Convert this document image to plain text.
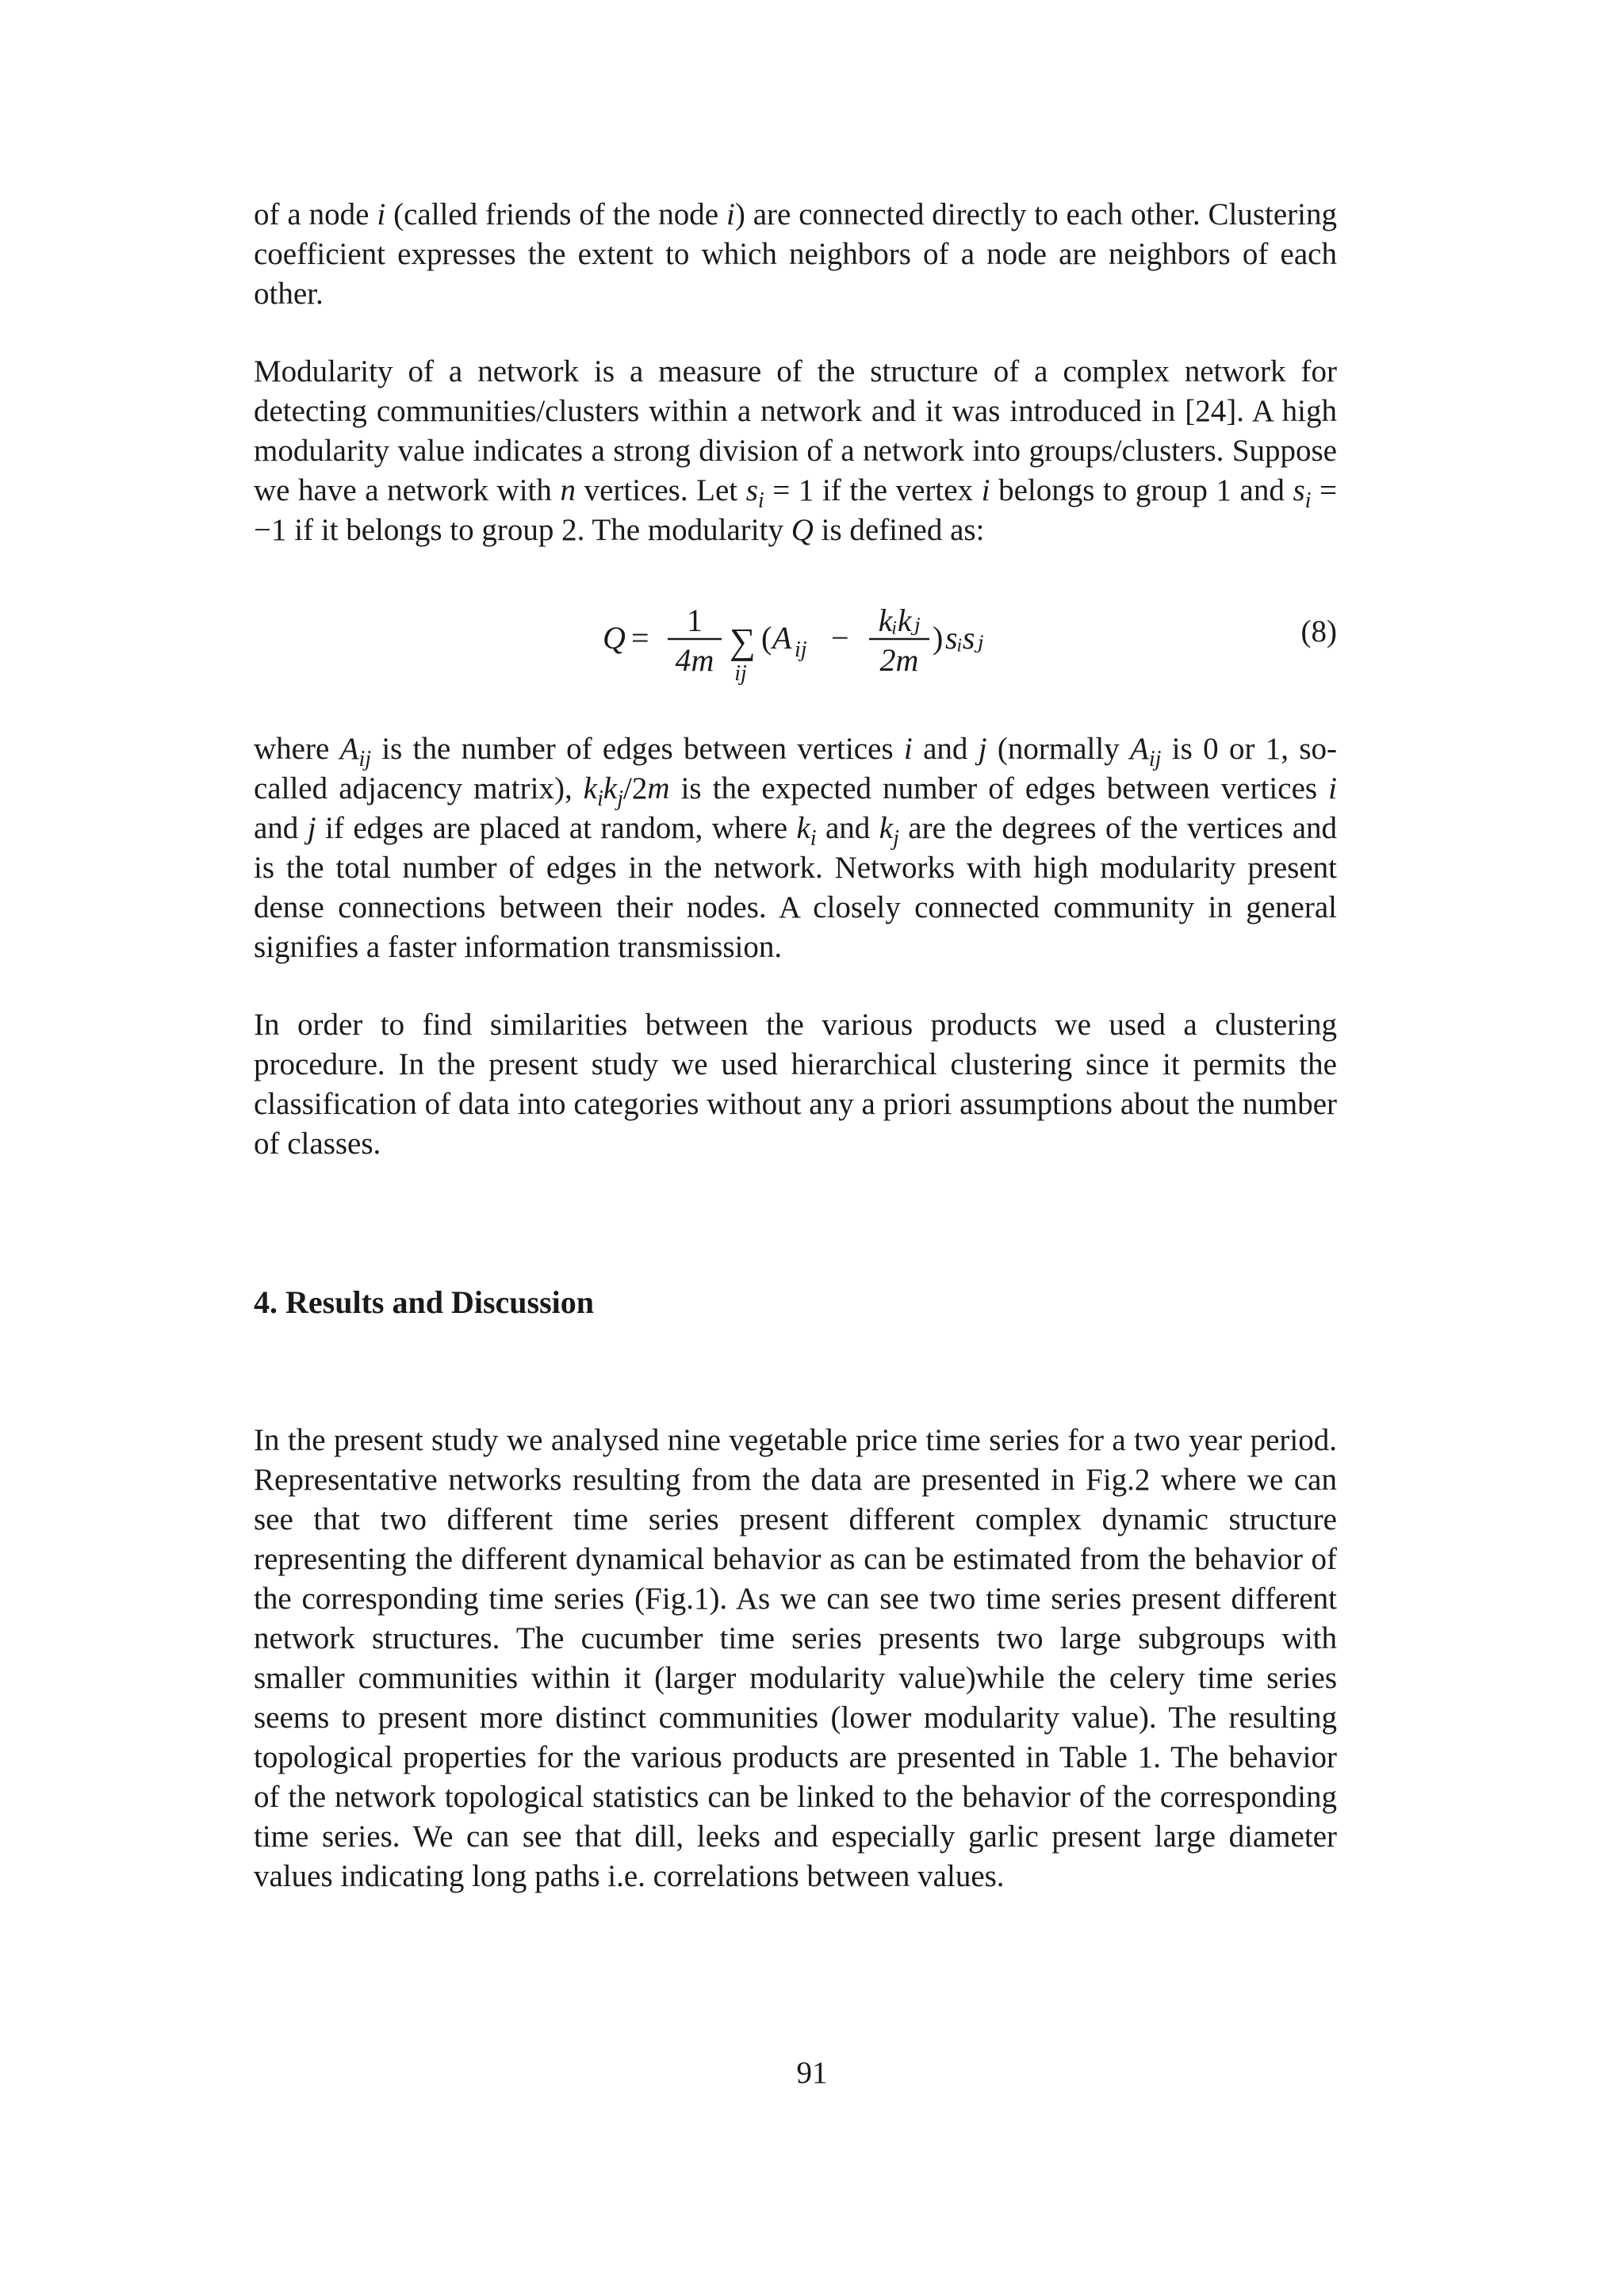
of a node i (called friends of the node i) are connected directly to each other. Clustering coefficient expresses the extent to which neighbors of a node are neighbors of each other.

Modularity of a network is a measure of the structure of a complex network for detecting communities/clusters within a network and it was introduced in [24]. A high modularity value indicates a strong division of a network into groups/clusters. Suppose we have a network with n vertices. Let $s_i = 1$ if the vertex i belongs to group 1 and $s_i = -1$ if it belongs to group 2. The modularity Q is defined as:

Q = 1
4m ∑
ij
( A ij − kᵢkⱼ
2m
) sᵢsⱼ	(8)

where $A_{ij}$ is the number of edges between vertices i and j (normally $A_{ij}$ is 0 or 1, so-called adjacency matrix), $k_ik_j/2m$ is the expected number of edges between vertices i and j if edges are placed at random, where $k_i$ and $k_j$ are the degrees of the vertices and is the total number of edges in the network. Networks with high modularity present dense connections between their nodes. A closely connected community in general signifies a faster information transmission.

In order to find similarities between the various products we used a clustering procedure. In the present study we used hierarchical clustering since it permits the classification of data into categories without any a priori assumptions about the number of classes.

4. Results and Discussion

In the present study we analysed nine vegetable price time series for a two year period. Representative networks resulting from the data are presented in Fig.2 where we can see that two different time series present different complex dynamic structure representing the different dynamical behavior as can be estimated from the behavior of the corresponding time series (Fig.1). As we can see two time series present different network structures. The cucumber time series presents two large subgroups with smaller communities within it (larger modularity value)while the celery time series seems to present more distinct communities (lower modularity value). The resulting topological properties for the various products are presented in Table 1. The behavior of the network topological statistics can be linked to the behavior of the corresponding time series. We can see that dill, leeks and especially garlic present large diameter values indicating long paths i.e. correlations between values.

91
